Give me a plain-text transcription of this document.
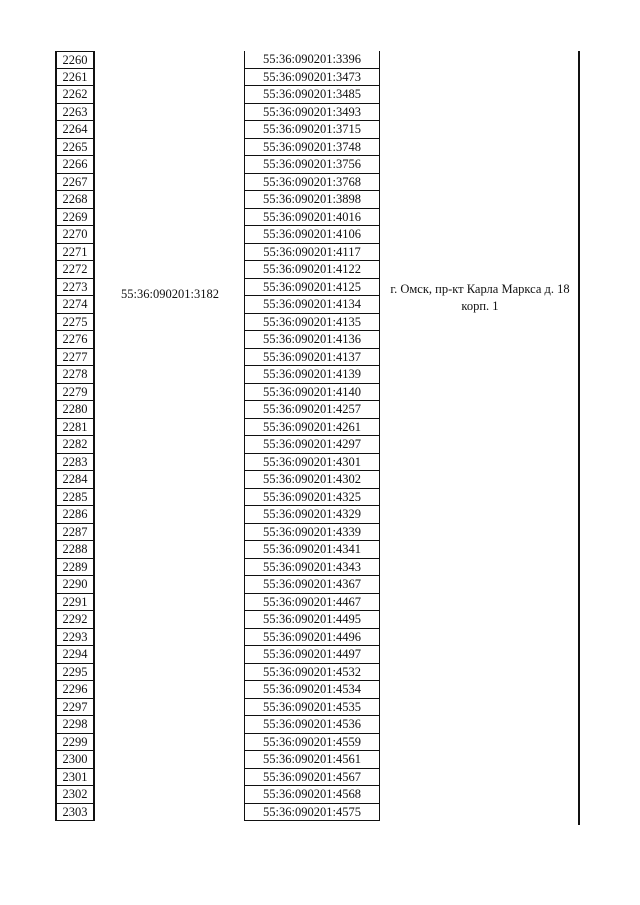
2260
2261
2262
2263
2264
2265
2266
2267
2268
2269
2270
2271
2272
2273
2274
2275
2276
2277
2278
2279
2280
2281
2282
2283
2284
2285
2286
2287
2288
2289
2290
2291
2292
2293
2294
2295
2296
2297
2298
2299
2300
2301
2302
2303
55:36:090201:3182
55:36:090201:3396
55:36:090201:3473
55:36:090201:3485
55:36:090201:3493
55:36:090201:3715
55:36:090201:3748
55:36:090201:3756
55:36:090201:3768
55:36:090201:3898
55:36:090201:4016
55:36:090201:4106
55:36:090201:4117
55:36:090201:4122
55:36:090201:4125
55:36:090201:4134
55:36:090201:4135
55:36:090201:4136
55:36:090201:4137
55:36:090201:4139
55:36:090201:4140
55:36:090201:4257
55:36:090201:4261
55:36:090201:4297
55:36:090201:4301
55:36:090201:4302
55:36:090201:4325
55:36:090201:4329
55:36:090201:4339
55:36:090201:4341
55:36:090201:4343
55:36:090201:4367
55:36:090201:4467
55:36:090201:4495
55:36:090201:4496
55:36:090201:4497
55:36:090201:4532
55:36:090201:4534
55:36:090201:4535
55:36:090201:4536
55:36:090201:4559
55:36:090201:4561
55:36:090201:4567
55:36:090201:4568
55:36:090201:4575
г. Омск, пр-кт Карла Маркса д. 18 корп. 1
